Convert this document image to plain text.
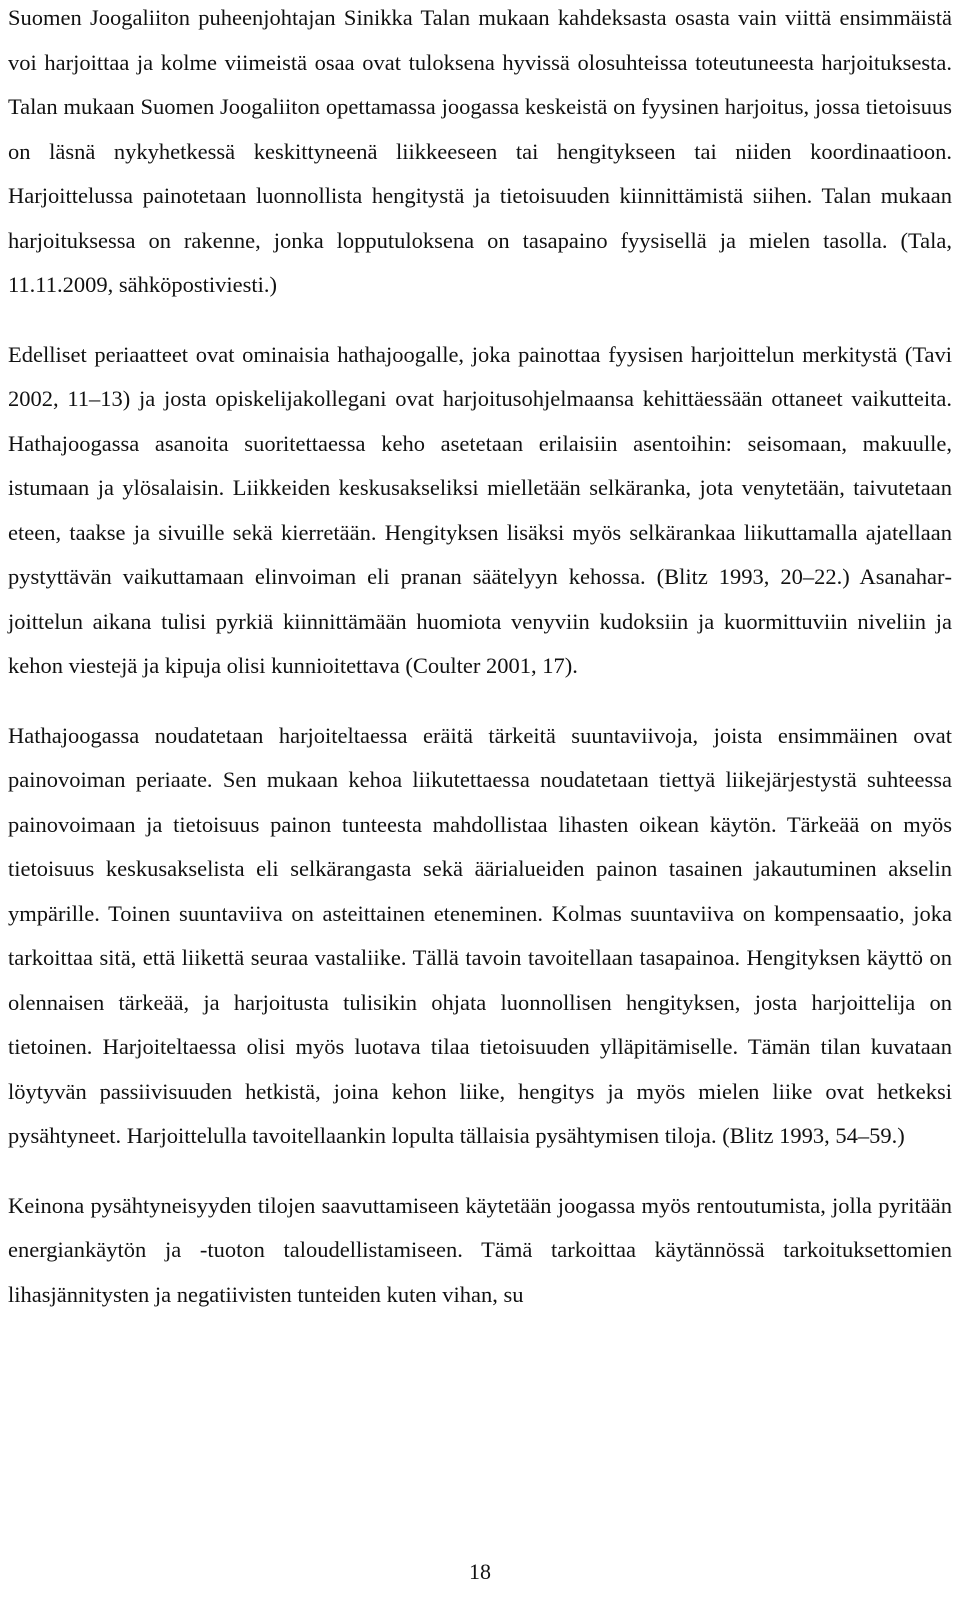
Suomen Joogaliiton puheenjohtajan Sinikka Talan mukaan kahdeksasta osasta vain viittä ensimmäistä voi harjoittaa ja kolme viimeistä osaa ovat tuloksena hyvissä olosuhteissa toteutuneesta harjoituksesta. Talan mukaan Suomen Joogaliiton opettamassa joogassa keskeistä on fyysinen harjoitus, jossa tietoisuus on läsnä nykyhetkessä keskittyneenä liikkeeseen tai hengitykseen tai niiden koordinaatioon. Harjoittelussa painotetaan luonnollista hengitystä ja tietoisuuden kiinnittämistä siihen. Talan mukaan harjoituksessa on rakenne, jonka lopputuloksena on tasapaino fyysisellä ja mielen tasolla. (Tala, 11.11.2009, sähköpostiviesti.)

Edelliset periaatteet ovat ominaisia hathajoogalle, joka painottaa fyysisen harjoittelun merkitystä (Tavi 2002, 11–13) ja josta opiskelijakollegani ovat harjoitusohjelmaansa kehittäessään ottaneet vaikutteita. Hathajoogassa asanoita suoritettaessa keho asetetaan erilaisiin asentoihin: seisomaan, makuulle, istumaan ja ylösalaisin. Liikkeiden keskusakseliksi mielletään selkäranka, jota venytetään, taivutetaan eteen, taakse ja sivuille sekä kierretään. Hengityksen lisäksi myös selkärankaa liikuttamalla ajatellaan pystyttävän vaikuttamaan elinvoiman eli pranan säätelyyn kehossa. (Blitz 1993, 20–22.) Asanaharjoittelun aikana tulisi pyrkiä kiinnittämään huomiota venyviin kudoksiin ja kuormittuviin niveliin ja kehon viestejä ja kipuja olisi kunnioitettava (Coulter 2001, 17).

Hathajoogassa noudatetaan harjoiteltaessa eräitä tärkeitä suuntaviivoja, joista ensimmäinen ovat painovoiman periaate. Sen mukaan kehoa liikutettaessa noudatetaan tiettyä liikejärjestystä suhteessa painovoimaan ja tietoisuus painon tunteesta mahdollistaa lihasten oikean käytön. Tärkeää on myös tietoisuus keskusakselista eli selkärangasta sekä äärialueiden painon tasainen jakautuminen akselin ympärille. Toinen suuntaviiva on asteittainen eteneminen. Kolmas suuntaviiva on kompensaatio, joka tarkoittaa sitä, että liikettä seuraa vastaliike. Tällä tavoin tavoitellaan tasapainoa. Hengityksen käyttö on olennaisen tärkeää, ja harjoitusta tulisikin ohjata luonnollisen hengityksen, josta harjoittelija on tietoinen. Harjoiteltaessa olisi myös luotava tilaa tietoisuuden ylläpitämiselle. Tämän tilan kuvataan löytyvän passiivisuuden hetkistä, joina kehon liike, hengitys ja myös mielen liike ovat hetkeksi pysähtyneet. Harjoittelulla tavoitellaankin lopulta tällaisia pysähtymisen tiloja. (Blitz 1993, 54–59.)

Keinona pysähtyneisyyden tilojen saavuttamiseen käytetään joogassa myös rentoutumista, jolla pyritään energiankäytön ja -tuoton taloudellistamiseen. Tämä tarkoittaa käytännössä tarkoituksettomien lihasjännitysten ja negatiivisten tunteiden kuten vihan, su

18
